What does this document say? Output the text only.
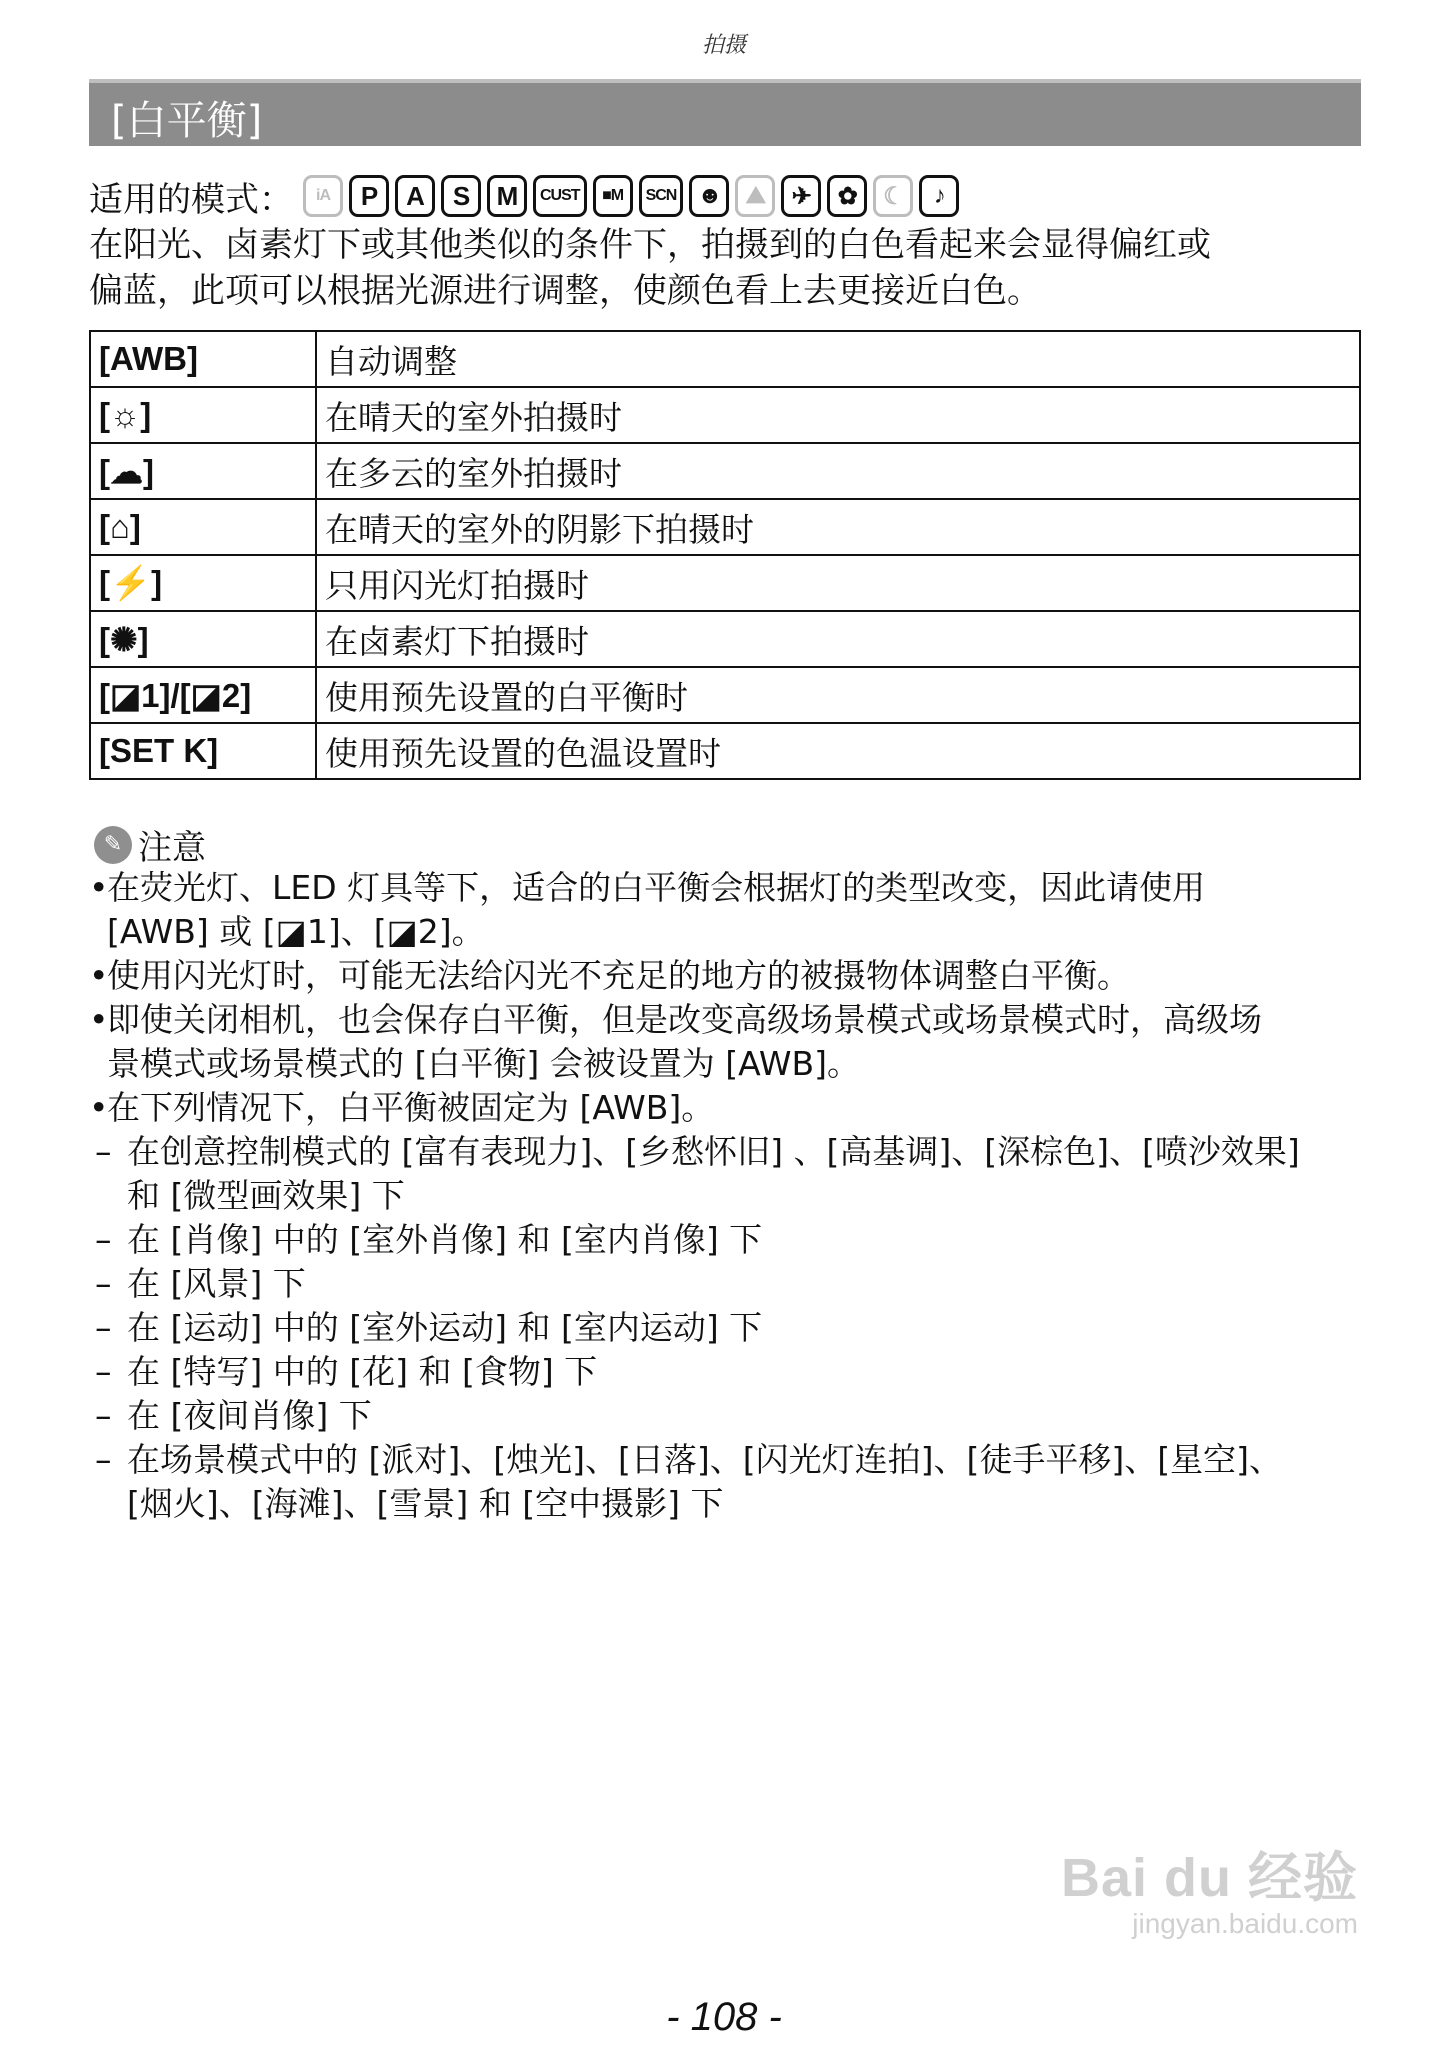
拍摄
[白平衡]
适用的模式：	iA	P	A	S	M	CUST	■M	SCN ☻	⛰	✈	✿	☾	♪
在阳光、卤素灯下或其他类似的条件下，拍摄到的白色看起来会显得偏红或
偏蓝，此项可以根据光源进行调整，使颜色看上去更接近白色。
[AWB]	自动调整
[☼]	在晴天的室外拍摄时
[☁]	在多云的室外拍摄时
[⌂]	在晴天的室外的阴影下拍摄时
[⚡]	只用闪光灯拍摄时
[✺]	在卤素灯下拍摄时
[◪1]/[◪2]	使用预先设置的白平衡时
[SET K]	使用预先设置的色温设置时
✎ 注意
• 在荧光灯、LED 灯具等下，适合的白平衡会根据灯的类型改变，因此请使用
[AWB] 或 [◪1]、[◪2]。
• 使用闪光灯时，可能无法给闪光不充足的地方的被摄物体调整白平衡。
• 即使关闭相机，也会保存白平衡，但是改变高级场景模式或场景模式时，高级场
景模式或场景模式的 [白平衡] 会被设置为 [AWB]。
• 在下列情况下，白平衡被固定为 [AWB]。
– 在创意控制模式的 [富有表现力]、[乡愁怀旧] 、[高基调]、[深棕色]、[喷沙效果]
和 [微型画效果] 下
– 在 [肖像] 中的 [室外肖像] 和 [室内肖像] 下
– 在 [风景] 下
– 在 [运动] 中的 [室外运动] 和 [室内运动] 下
– 在 [特写] 中的 [花] 和 [食物] 下
– 在 [夜间肖像] 下
– 在场景模式中的 [派对]、[烛光]、[日落]、[闪光灯连拍]、[徒手平移]、[星空]、
[烟火]、[海滩]、[雪景] 和 [空中摄影] 下
Bai du 经验
jingyan.baidu.com
- 108 -
